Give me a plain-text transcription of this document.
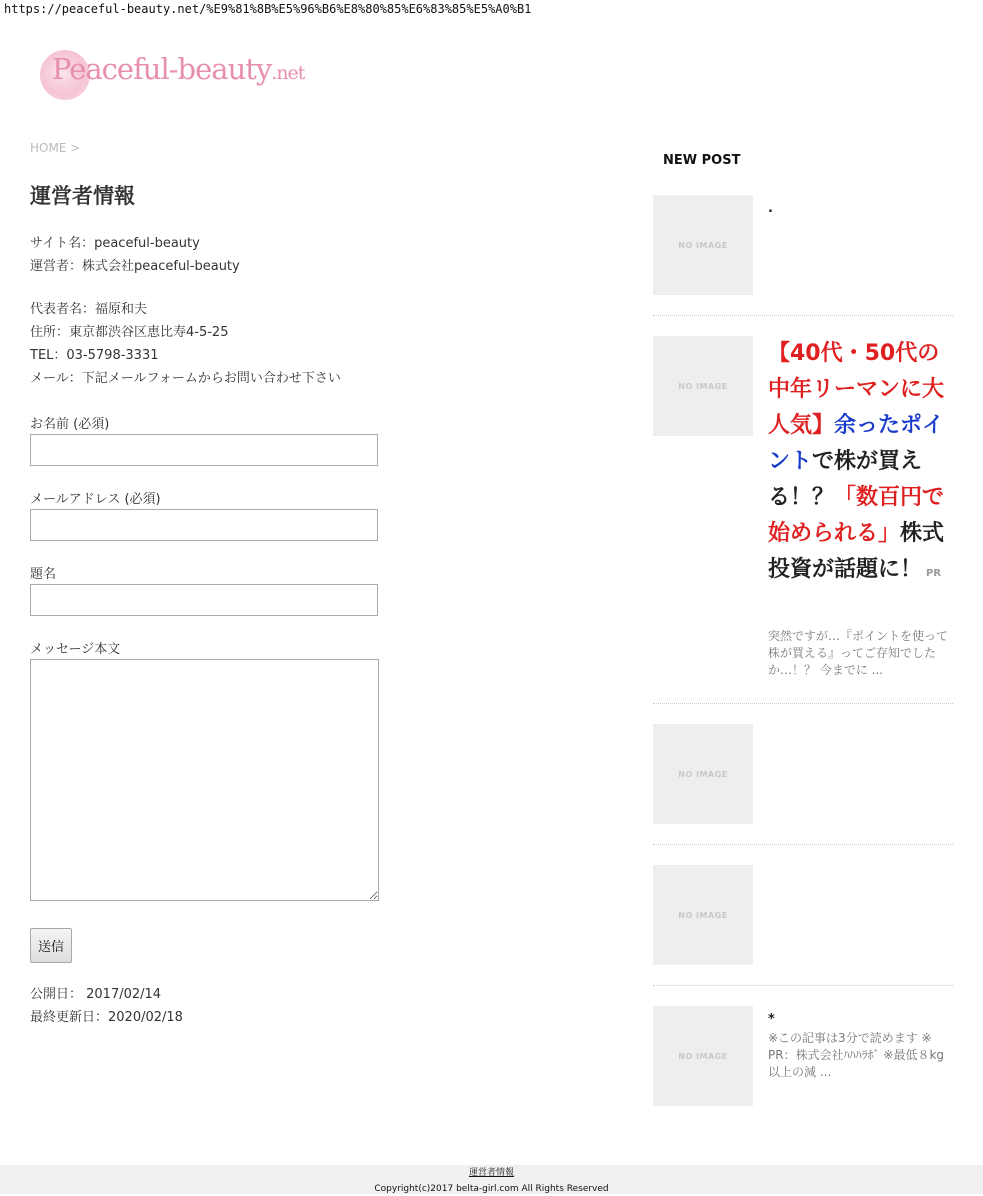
https://peaceful-beauty.net/%E9%81%8B%E5%96%B6%E8%80%85%E6%83%85%E5%A0%B1
Peaceful-beauty.net
HOME >
運営者情報
サイト名：peaceful-beauty
運営者：株式会社peaceful-beauty
代表者名：福原和夫
住所：東京都渋谷区恵比寿4-5-25
TEL：03-5798-3331
メール：下記メールフォームからお問い合わせ下さい
お名前 (必須)
メールアドレス (必須)
題名
メッセージ本文
送信
公開日： 2017/02/14
最終更新日：2020/02/18
NEW POST
NO IMAGE
.
NO IMAGE
【40代・50代の中年リーマンに大人気】余ったポイントで株が買える！？「数百円で始められる」株式投資が話題に！ PR
突然ですが…『ポイントを使って株が買える』ってご存知でしたか…！？ 今までに ...
NO IMAGE
NO IMAGE
NO IMAGE
*
※この記事は3分で読めます ※　 PR：株式会社ﾊﾊﾊﾗﾎﾞ ※最低８kg以上の減 ...
運営者情報
Copyright(c)2017 belta-girl.com All Rights Reserved
